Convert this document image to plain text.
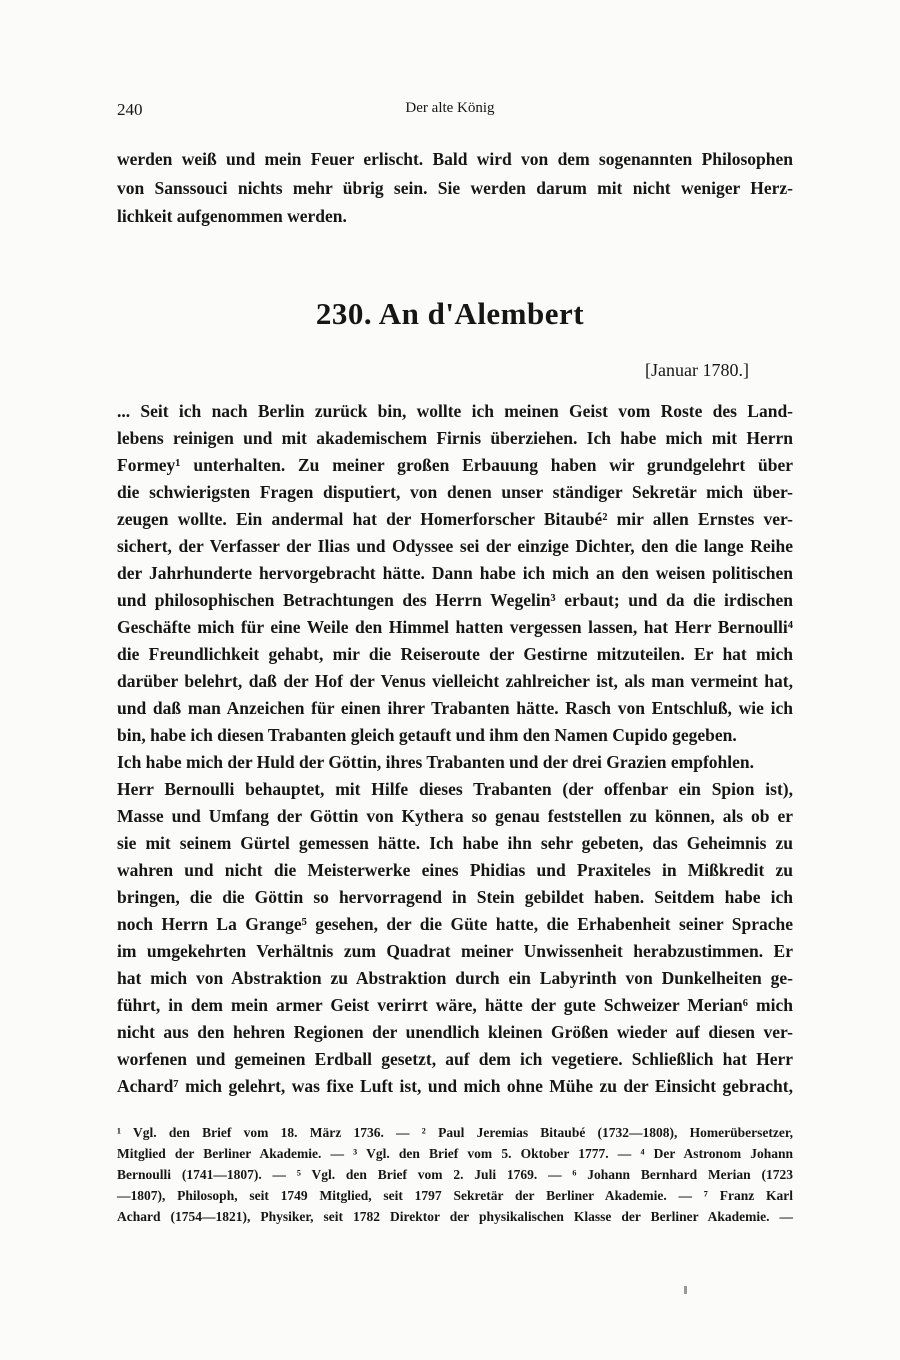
240	Der alte König
werden weiß und mein Feuer erlischt. Bald wird von dem sogenannten Philosophen
von Sanssouci nichts mehr übrig sein. Sie werden darum mit nicht weniger Herz-
lichkeit aufgenommen werden.
230. An d'Alembert
[Januar 1780.]
... Seit ich nach Berlin zurück bin, wollte ich meinen Geist vom Roste des Land-
lebens reinigen und mit akademischem Firnis überziehen. Ich habe mich mit Herrn
Formey¹ unterhalten. Zu meiner großen Erbauung haben wir grundgelehrt über
die schwierigsten Fragen disputiert, von denen unser ständiger Sekretär mich über-
zeugen wollte. Ein andermal hat der Homerforscher Bitaubé² mir allen Ernstes ver-
sichert, der Verfasser der Ilias und Odyssee sei der einzige Dichter, den die lange Reihe
der Jahrhunderte hervorgebracht hätte. Dann habe ich mich an den weisen politischen
und philosophischen Betrachtungen des Herrn Wegelin³ erbaut; und da die irdischen
Geschäfte mich für eine Weile den Himmel hatten vergessen lassen, hat Herr Bernoulli⁴
die Freundlichkeit gehabt, mir die Reiseroute der Gestirne mitzuteilen. Er hat mich
darüber belehrt, daß der Hof der Venus vielleicht zahlreicher ist, als man vermeint hat,
und daß man Anzeichen für einen ihrer Trabanten hätte. Rasch von Entschluß, wie ich
bin, habe ich diesen Trabanten gleich getauft und ihm den Namen Cupido gegeben.
Ich habe mich der Huld der Göttin, ihres Trabanten und der drei Grazien empfohlen.
Herr Bernoulli behauptet, mit Hilfe dieses Trabanten (der offenbar ein Spion ist),
Masse und Umfang der Göttin von Kythera so genau feststellen zu können, als ob er
sie mit seinem Gürtel gemessen hätte. Ich habe ihn sehr gebeten, das Geheimnis zu
wahren und nicht die Meisterwerke eines Phidias und Praxiteles in Mißkredit zu
bringen, die die Göttin so hervorragend in Stein gebildet haben. Seitdem habe ich
noch Herrn La Grange⁵ gesehen, der die Güte hatte, die Erhabenheit seiner Sprache
im umgekehrten Verhältnis zum Quadrat meiner Unwissenheit herabzustimmen. Er
hat mich von Abstraktion zu Abstraktion durch ein Labyrinth von Dunkelheiten ge-
führt, in dem mein armer Geist verirrt wäre, hätte der gute Schweizer Merian⁶ mich
nicht aus den hehren Regionen der unendlich kleinen Größen wieder auf diesen ver-
worfenen und gemeinen Erdball gesetzt, auf dem ich vegetiere. Schließlich hat Herr
Achard⁷ mich gelehrt, was fixe Luft ist, und mich ohne Mühe zu der Einsicht gebracht,
¹ Vgl. den Brief vom 18. März 1736. — ² Paul Jeremias Bitaubé (1732—1808), Homerübersetzer,
Mitglied der Berliner Akademie. — ³ Vgl. den Brief vom 5. Oktober 1777. — ⁴ Der Astronom Johann
Bernoulli (1741—1807). — ⁵ Vgl. den Brief vom 2. Juli 1769. — ⁶ Johann Bernhard Merian (1723
—1807), Philosoph, seit 1749 Mitglied, seit 1797 Sekretär der Berliner Akademie. — ⁷ Franz Karl
Achard (1754—1821), Physiker, seit 1782 Direktor der physikalischen Klasse der Berliner Akademie. —
